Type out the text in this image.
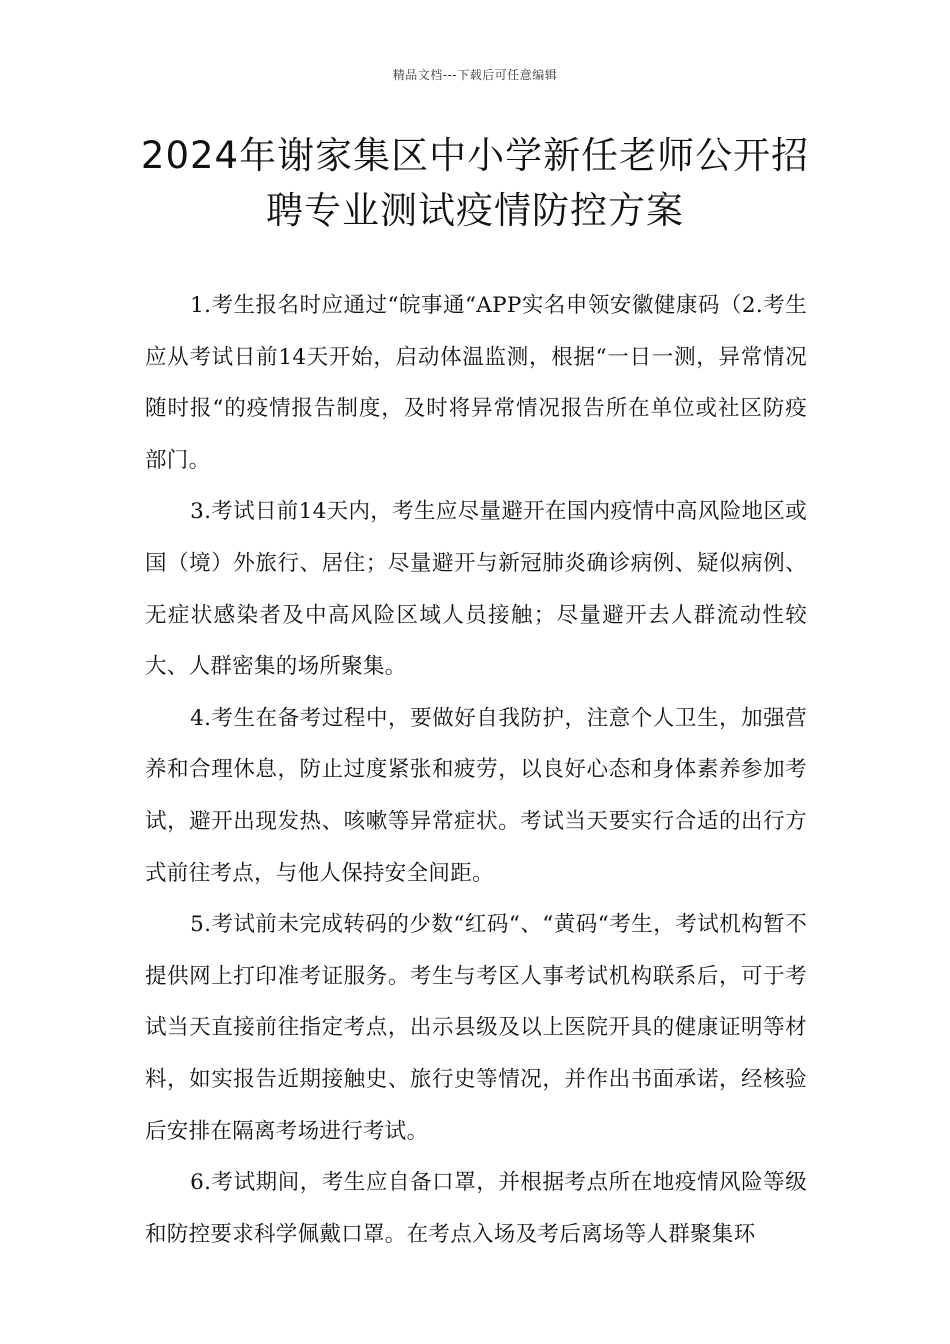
精品文档---下载后可任意编辑
2024年谢家集区中小学新任老师公开招
聘专业测试疫情防控方案

1.考生报名时应通过“皖事通“APP实名申领安徽健康码（2.考生应从考试日前14天开始，启动体温监测，根据“一日一测，异常情况随时报“的疫情报告制度，及时将异常情况报告所在单位或社区防疫部门。

3.考试日前14天内，考生应尽量避开在国内疫情中高风险地区或国（境）外旅行、居住；尽量避开与新冠肺炎确诊病例、疑似病例、无症状感染者及中高风险区域人员接触；尽量避开去人群流动性较大、人群密集的场所聚集。

4.考生在备考过程中，要做好自我防护，注意个人卫生，加强营养和合理休息，防止过度紧张和疲劳，以良好心态和身体素养参加考试，避开出现发热、咳嗽等异常症状。考试当天要实行合适的出行方式前往考点，与他人保持安全间距。

5.考试前未完成转码的少数“红码“、“黄码“考生，考试机构暂不提供网上打印准考证服务。考生与考区人事考试机构联系后，可于考试当天直接前往指定考点，出示县级及以上医院开具的健康证明等材料，如实报告近期接触史、旅行史等情况，并作出书面承诺，经核验后安排在隔离考场进行考试。

6.考试期间，考生应自备口罩，并根据考点所在地疫情风险等级和防控要求科学佩戴口罩。在考点入场及考后离场等人群聚集环
